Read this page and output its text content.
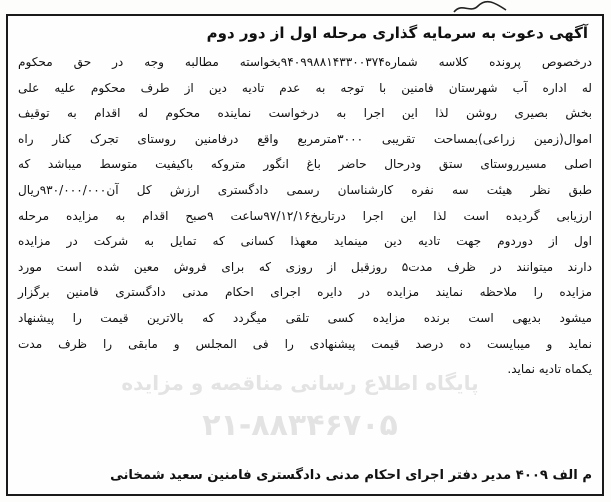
آگهی دعوت به سرمایه گذاری مرحله اول از دور دوم
درخصوص پرونده کلاسه شماره۹۴۰۹۹۸۸۱۴۳۳۰۰۳۷۴بخواسته مطالبه وجه در حق محکوم
له اداره آب شهرستان فامنین با توجه به عدم تادیه دین از طرف محکوم علیه علی
بخش بصیری روشن لذا این اجرا به درخواست نماینده محکوم له اقدام به توقیف
اموال(زمین زراعی)بمساحت تقریبی ۳۰۰۰مترمربع واقع درفامنین روستای تجرک کنار راه
اصلی مسیرروستای ستق ودرحال حاضر باغ انگور متروکه باکیفیت متوسط میباشد که
طبق نظر هیئت سه نفره کارشناسان رسمی دادگستری ارزش کل آن۹۳۰/۰۰۰/۰۰۰ریال
ارزیابی گردیده است لذا این اجرا درتاریخ۹۷/۱۲/۱۶ساعت ۹صبح اقدام به مزایده مرحله
اول از دوردوم جهت تادیه دین مینماید معهذا کسانی که تمایل به شرکت در مزایده
دارند میتوانند در ظرف مدت۵ روزقبل از روزی که برای فروش معین شده است مورد
مزایده را ملاحظه نمایند مزایده در دایره اجرای احکام مدنی دادگستری فامنین برگزار
میشود بدیهی است برنده مزایده کسی تلقی میگردد که بالاترین قیمت را پیشنهاد
نماید و میبایست ده درصد قیمت پیشنهادی را فی المجلس و مابقی را ظرف مدت
یکماه تادیه نماید.
م الف ۴۰۰۹ مدیر دفتر اجرای احکام مدنی دادگستری فامنین سعید شمخانی
